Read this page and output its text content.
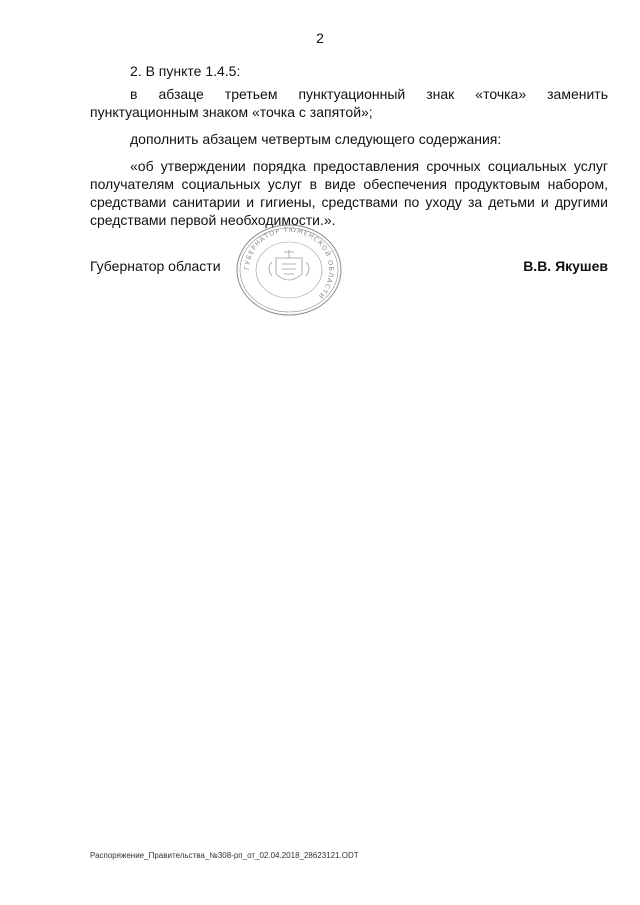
2

2. В пункте 1.4.5:

в абзаце третьем пунктуационный знак «точка» заменить пунктуационным знаком «точка с запятой»;

дополнить абзацем четвертым следующего содержания:

«об утверждении порядка предоставления срочных социальных услуг получателям социальных услуг в виде обеспечения продуктовым набором, средствами санитарии и гигиены, средствами по уходу за детьми и другими средствами первой необходимости.».

ГУБЕРНАТОР ТЮМЕНСКОЙ ОБЛАСТИ
Губернатор области	В.В. Якушев
Распоряжение_Правительства_№308-рп_от_02.04.2018_28623121.ODT
